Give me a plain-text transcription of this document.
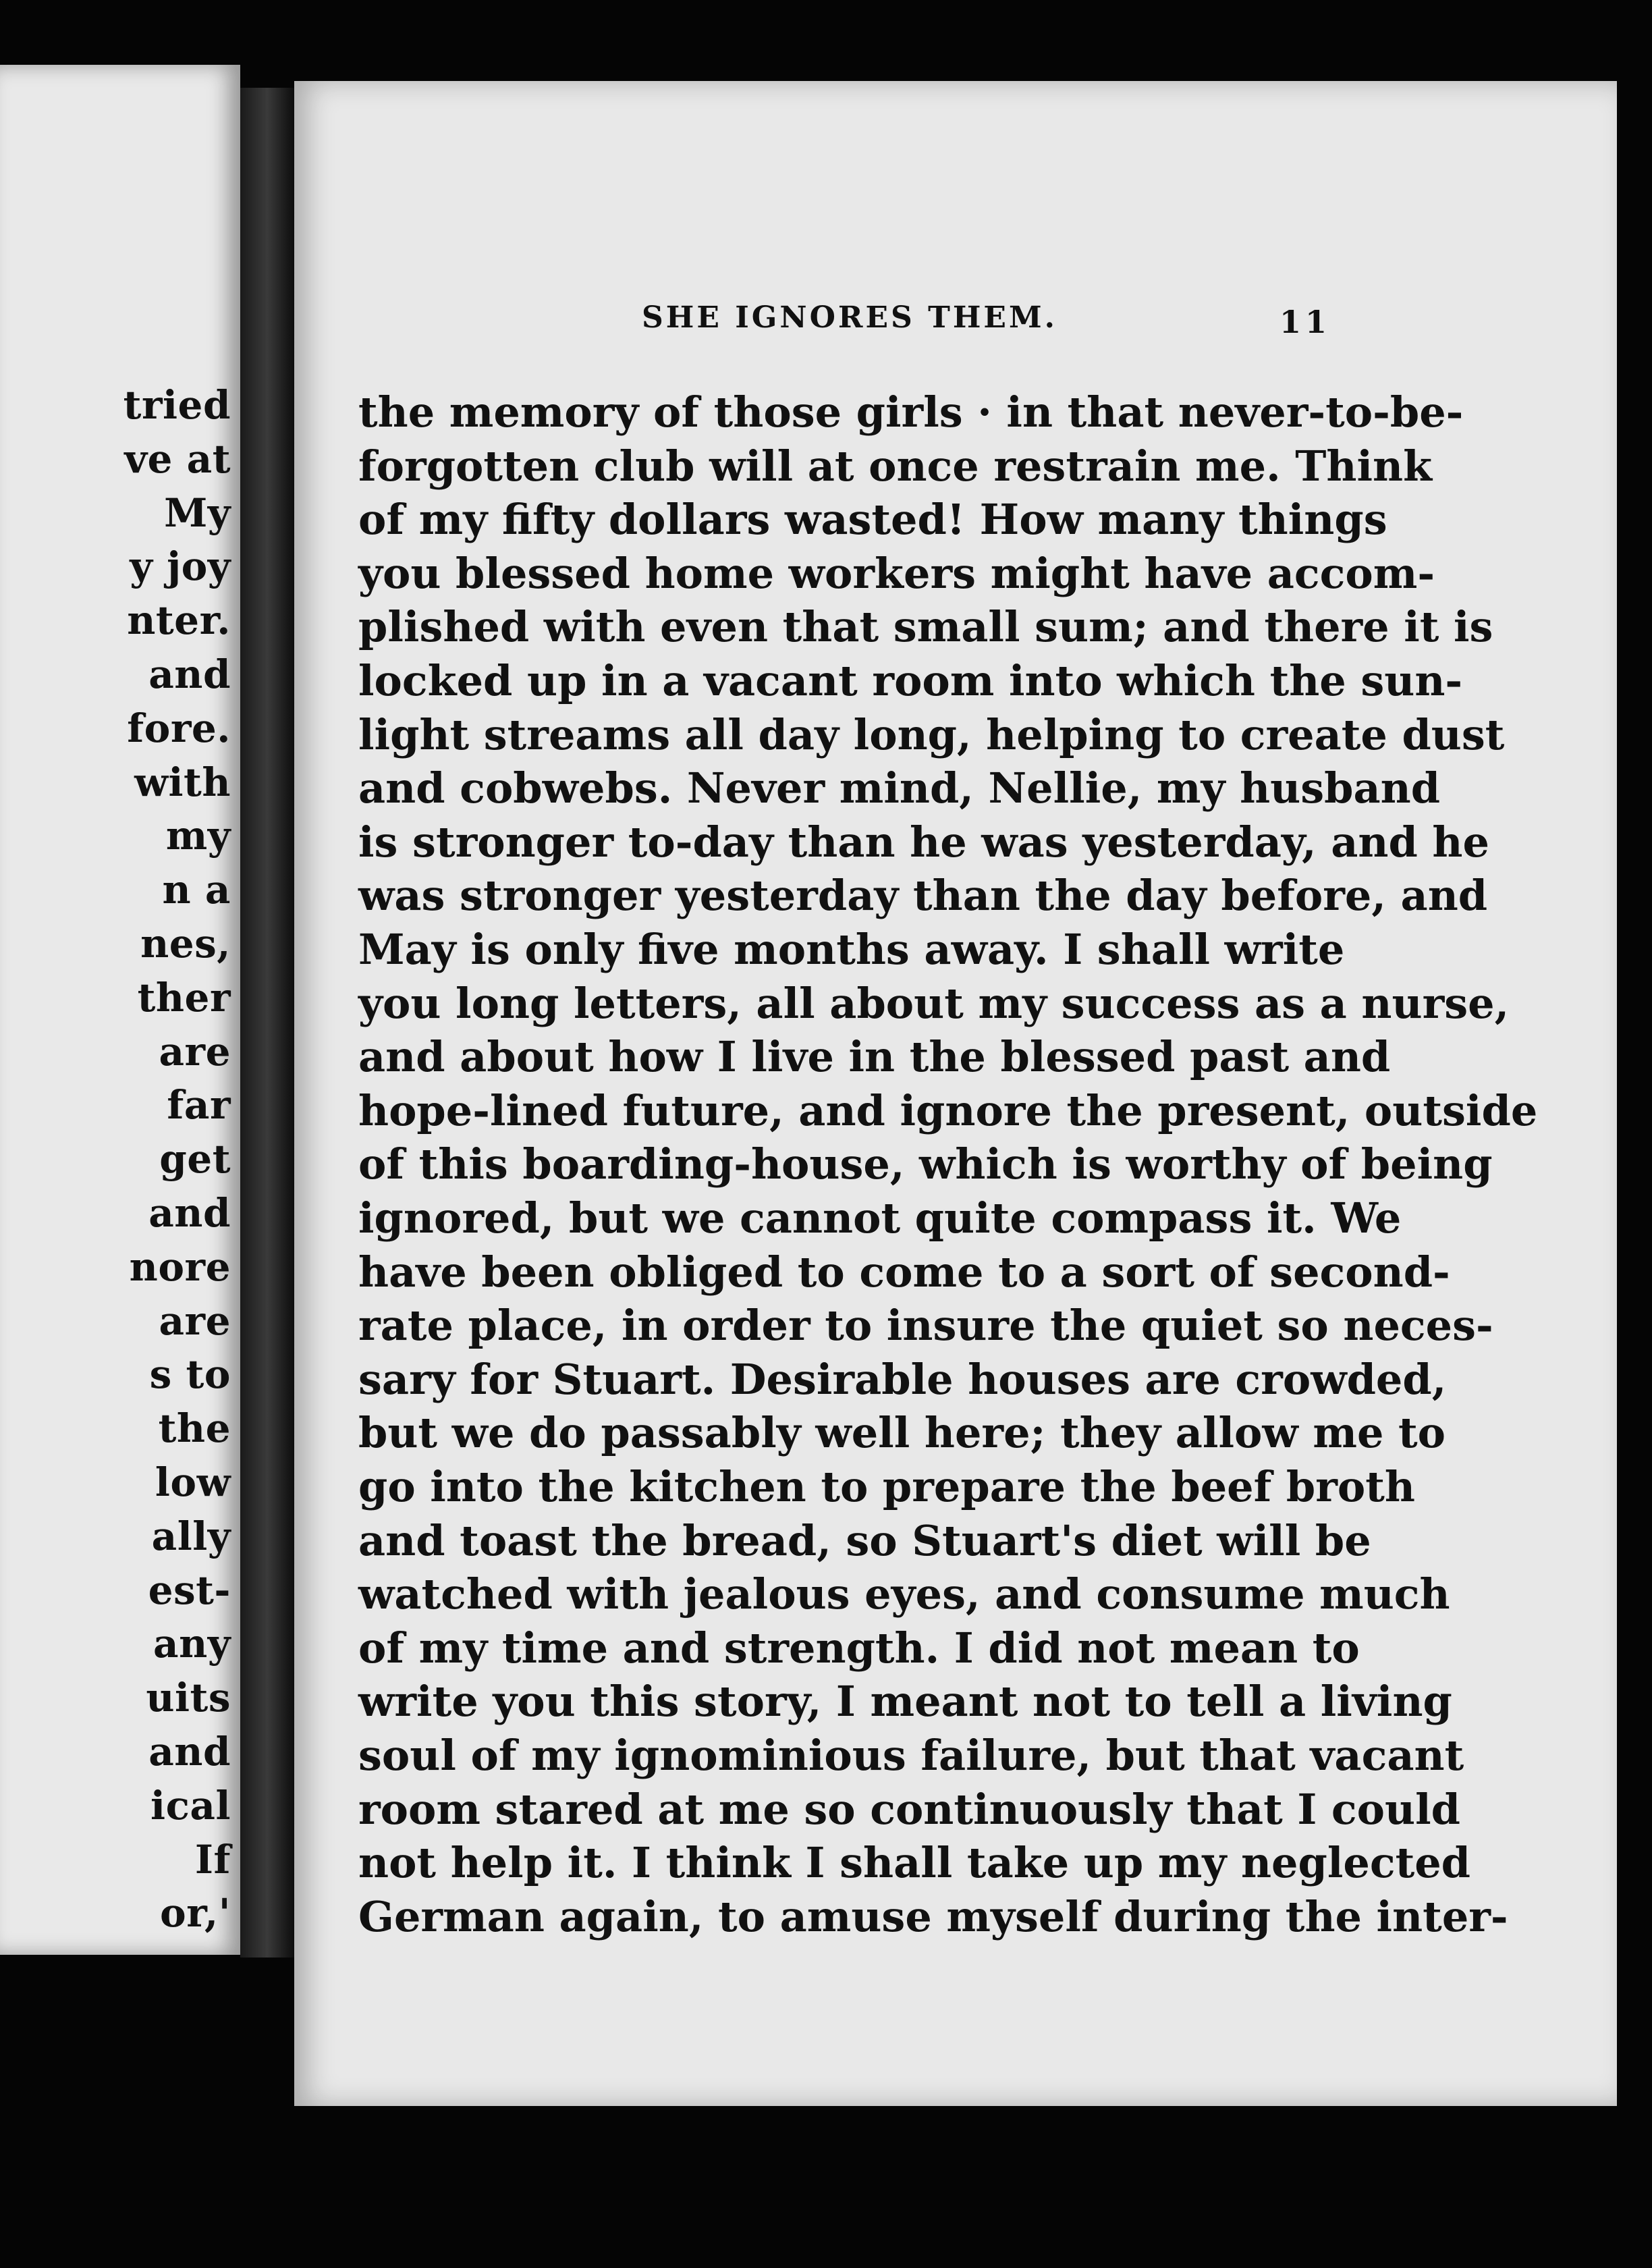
tried
ve at
My
y joy
nter.
and
fore.
with
my
n a
nes,
ther
are
far
get
and
nore
are
s to
the
low
ally
est-
any
uits
and
ical
If
or,'
SHE IGNORES THEM.	11
the memory of those girls · in that never-to-be-
forgotten club will at once restrain me. Think
of my fifty dollars wasted! How many things
you blessed home workers might have accom-
plished with even that small sum; and there it is
locked up in a vacant room into which the sun-
light streams all day long, helping to create dust
and cobwebs. Never mind, Nellie, my husband
is stronger to-day than he was yesterday, and he
was stronger yesterday than the day before, and
May is only five months away. I shall write
you long letters, all about my success as a nurse,
and about how I live in the blessed past and
hope-lined future, and ignore the present, outside
of this boarding-house, which is worthy of being
ignored, but we cannot quite compass it. We
have been obliged to come to a sort of second-
rate place, in order to insure the quiet so neces-
sary for Stuart. Desirable houses are crowded,
but we do passably well here; they allow me to
go into the kitchen to prepare the beef broth
and toast the bread, so Stuart's diet will be
watched with jealous eyes, and consume much
of my time and strength. I did not mean to
write you this story, I meant not to tell a living
soul of my ignominious failure, but that vacant
room stared at me so continuously that I could
not help it. I think I shall take up my neglected
German again, to amuse myself during the inter-
